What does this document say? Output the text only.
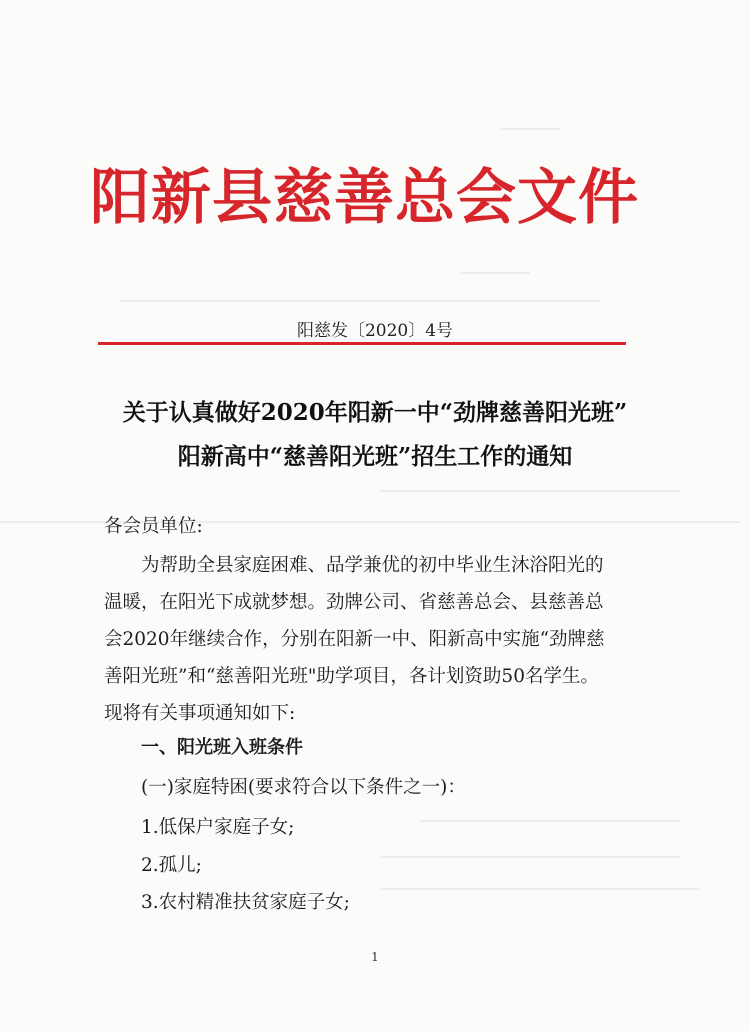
阳新县慈善总会文件
阳慈发〔2020〕4号
关于认真做好2020年阳新一中“劲牌慈善阳光班”
阳新高中“慈善阳光班”招生工作的通知
各会员单位:
为帮助全县家庭困难、品学兼优的初中毕业生沐浴阳光的
温暖，在阳光下成就梦想。劲牌公司、省慈善总会、县慈善总
会2020年继续合作，分别在阳新一中、阳新高中实施“劲牌慈
善阳光班”和“慈善阳光班"助学项目，各计划资助50名学生。
现将有关事项通知如下:
一、阳光班入班条件
(一)家庭特困(要求符合以下条件之一)：
1.低保户家庭子女;
2.孤儿;
3.农村精准扶贫家庭子女;
1
